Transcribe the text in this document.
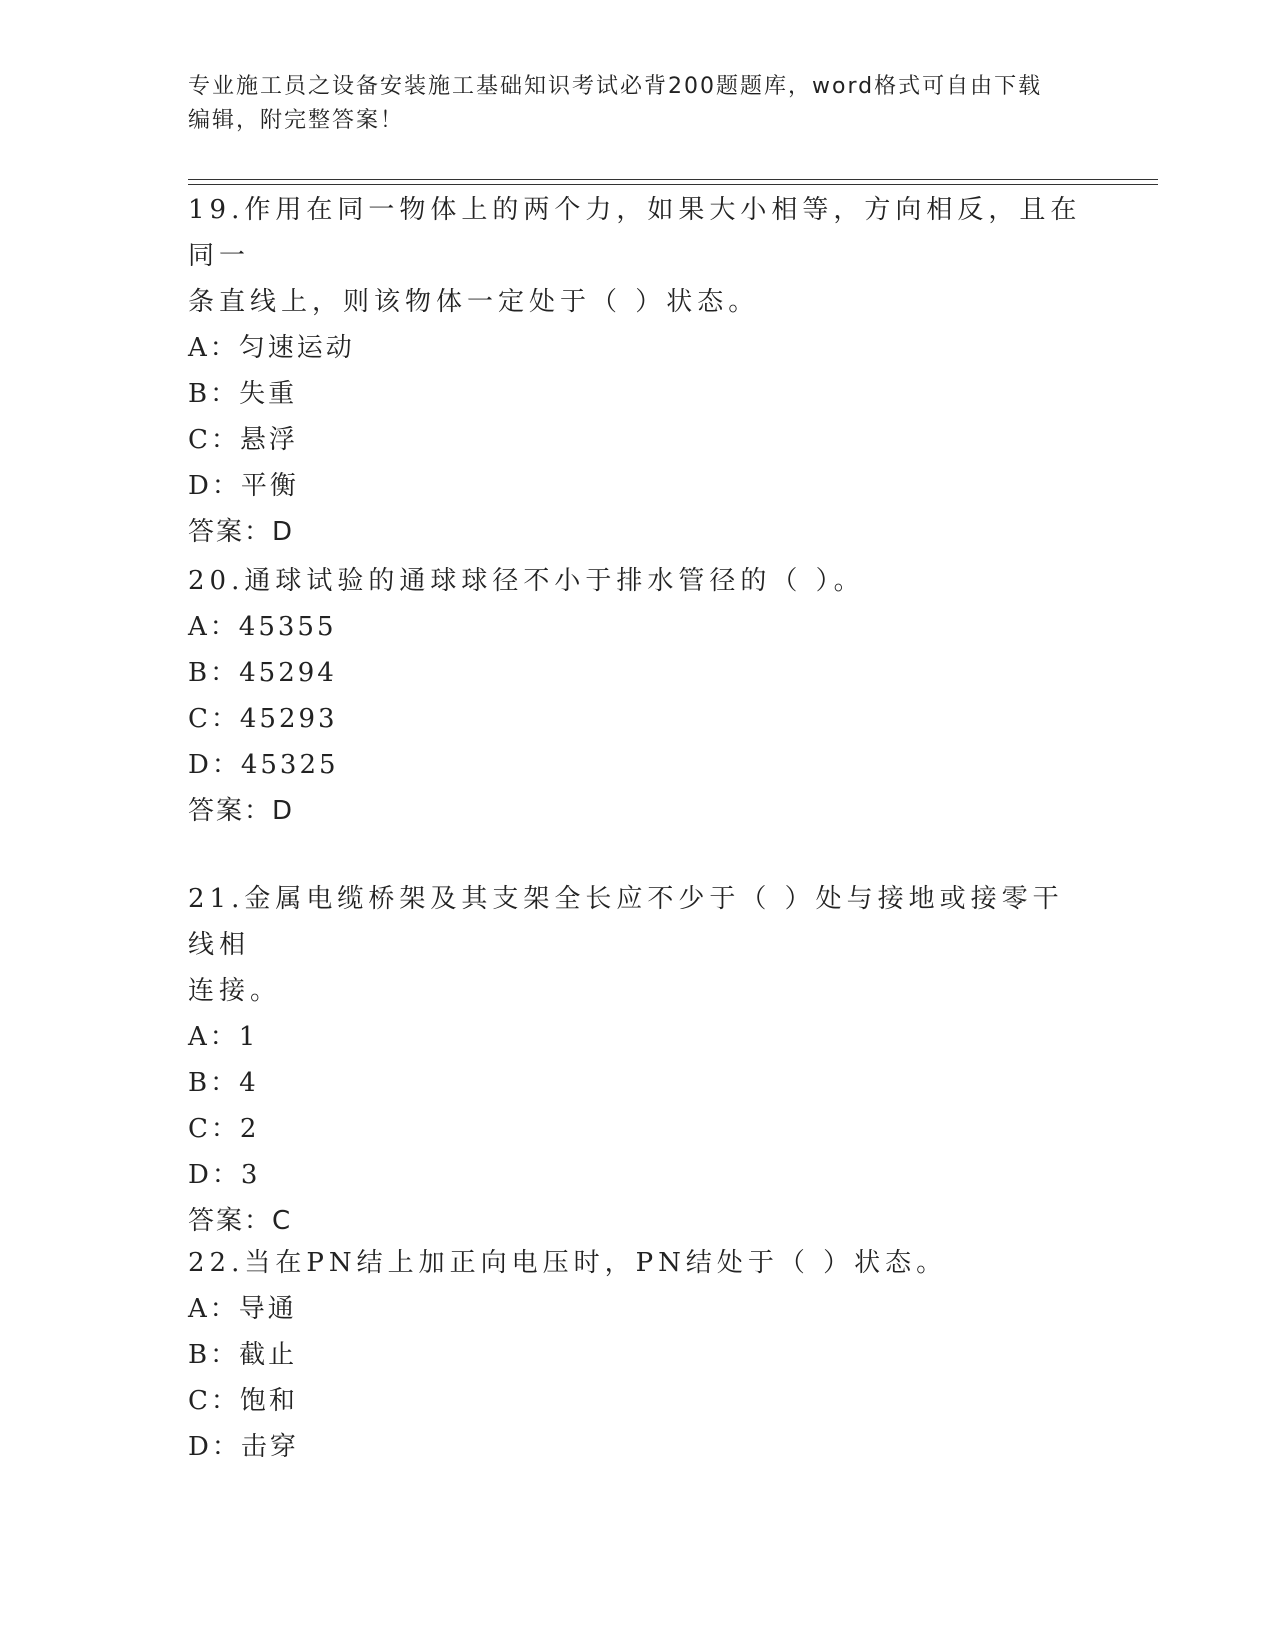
专业施工员之设备安装施工基础知识考试必背200题题库，word格式可自由下载
编辑，附完整答案！
19.作用在同一物体上的两个力，如果大小相等，方向相反，且在同一
条直线上，则该物体一定处于（ ）状态。
A：匀速运动
B：失重
C：悬浮
D：平衡
答案：D
20.通球试验的通球球径不小于排水管径的（ ）。
A：45355
B：45294
C：45293
D：45325
答案：D
21.金属电缆桥架及其支架全长应不少于（ ）处与接地或接零干线相
连接。
A：1
B：4
C：2
D：3
答案：C
22.当在PN结上加正向电压时，PN结处于（ ）状态。
A：导通
B：截止
C：饱和
D：击穿
